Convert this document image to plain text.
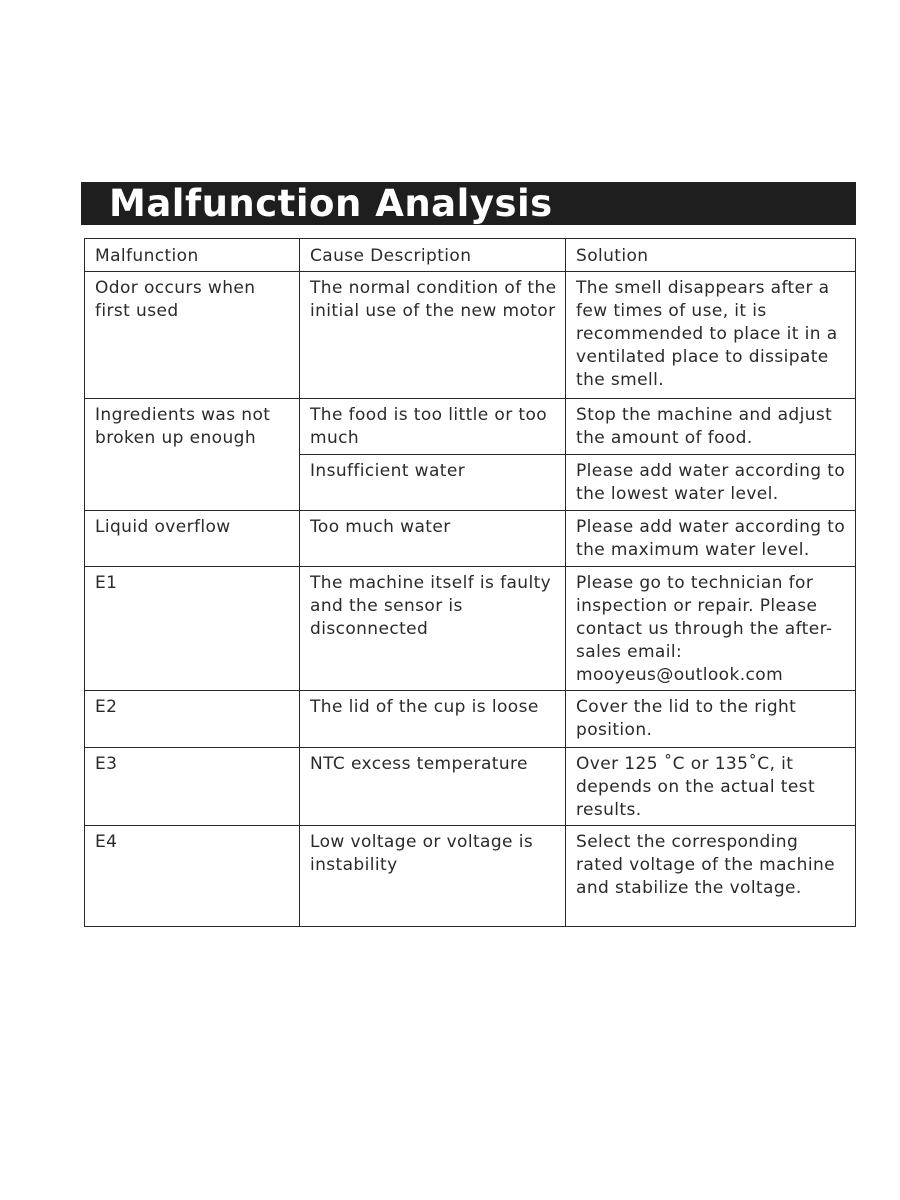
Malfunction Analysis
Malfunction	Cause Description	Solution
Odor occurs when first used	The normal condition of the initial use of the new motor	The smell disappears after a few times of use, it is recommended to place it in a ventilated place to dissipate the smell.
Ingredients was not broken up enough	The food is too little or too much	Stop the machine and adjust the amount of food.
	Insufficient water	Please add water according to the lowest water level.
Liquid overflow	Too much water	Please add water according to the maximum water level.
E1	The machine itself is faulty and the sensor is disconnected	Please go to technician for inspection or repair. Please contact us through the after-sales email: mooyeus@outlook.com
E2	The lid of the cup is loose	Cover the lid to the right position.
E3	NTC excess temperature	Over 125 ˚C or 135˚C, it depends on the actual test results.
E4	Low voltage or voltage is instability	Select the corresponding rated voltage of the machine and stabilize the voltage.
